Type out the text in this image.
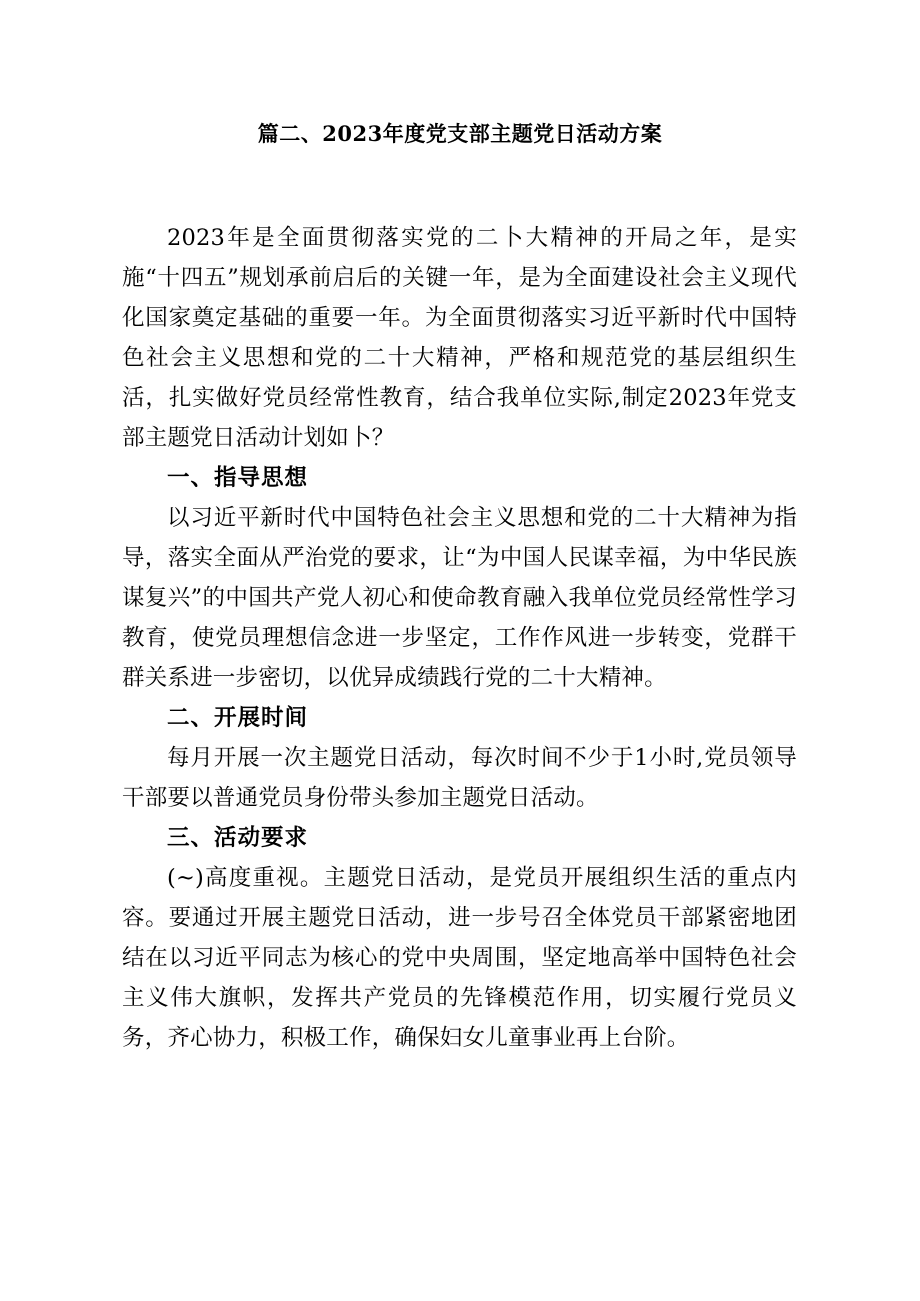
篇二、2023年度党支部主题党日活动方案

2023年是全面贯彻落实党的二卜大精神的开局之年，是实施“十四五”规划承前启后的关键一年，是为全面建设社会主义现代化国家奠定基础的重要一年。为全面贯彻落实习近平新时代中国特色社会主义思想和党的二十大精神，严格和规范党的基层组织生活，扎实做好党员经常性教育，结合我单位实际,制定2023年党支部主题党日活动计划如卜？

一、指导思想

以习近平新时代中国特色社会主义思想和党的二十大精神为指导，落实全面从严治党的要求，让“为中国人民谋幸福，为中华民族谋复兴”的中国共产党人初心和使命教育融入我单位党员经常性学习教育，使党员理想信念进一步坚定，工作作风进一步转变，党群干群关系进一步密切，以优异成绩践行党的二十大精神。

二、开展时间

每月开展一次主题党日活动，每次时间不少于1小时,党员领导干部要以普通党员身份带头参加主题党日活动。

三、活动要求

(~)高度重视。主题党日活动，是党员开展组织生活的重点内容。要通过开展主题党日活动，进一步号召全体党员干部紧密地团结在以习近平同志为核心的党中央周围，坚定地高举中国特色社会主义伟大旗帜，发挥共产党员的先锋模范作用，切实履行党员义务，齐心协力，积极工作，确保妇女儿童事业再上台阶。
